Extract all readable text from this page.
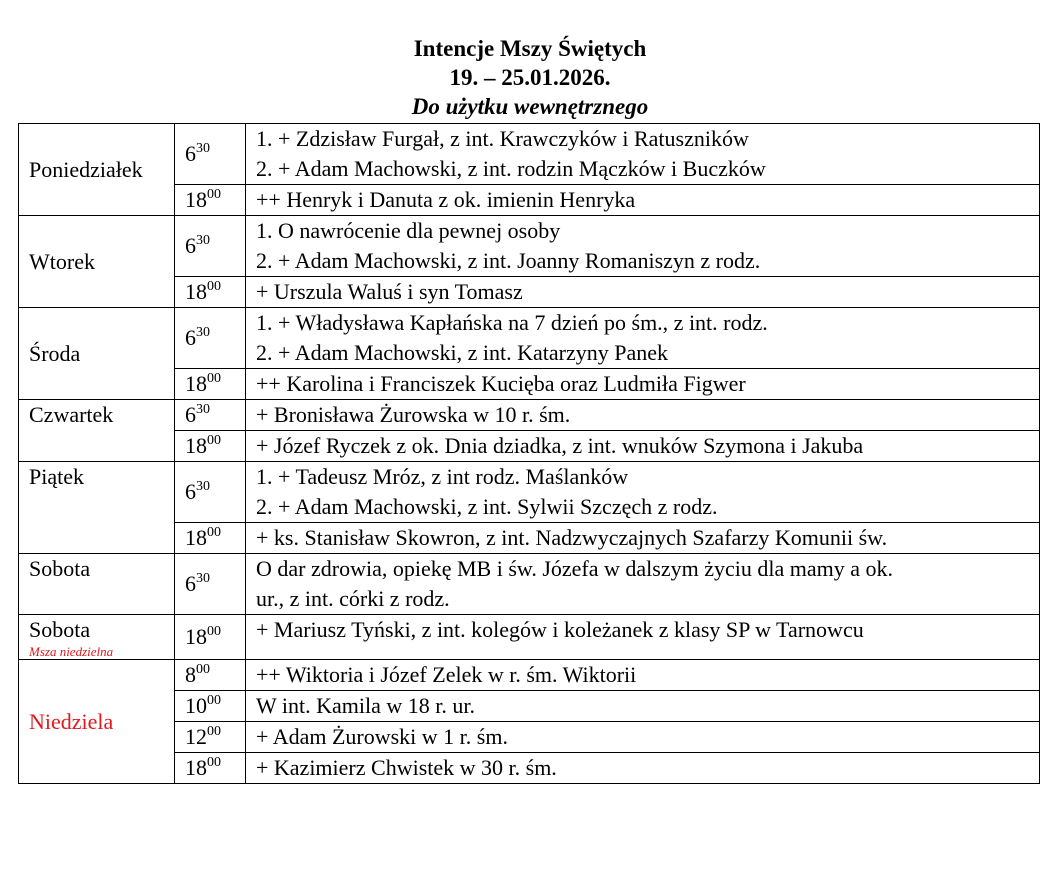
Intencje Mszy Świętych
19. – 25.01.2026.
Do użytku wewnętrznego
Poniedziałek	$6^{30}$	1. + Zdzisław Furgał, z int. Krawczyków i Ratuszników
2. + Adam Machowski, z int. rodzin Mączków i Buczków

	$18^{00}$	++ Henryk i Danuta z ok. imienin Henryka

Wtorek	$6^{30}$	1. O nawrócenie dla pewnej osoby
2. + Adam Machowski, z int. Joanny Romaniszyn z rodz.

	$18^{00}$	+ Urszula Waluś i syn Tomasz

Środa	$6^{30}$	1. + Władysława Kapłańska na 7 dzień po śm., z int. rodz.
2. + Adam Machowski, z int. Katarzyny Panek

	$18^{00}$	++ Karolina i Franciszek Kucięba oraz Ludmiła Figwer

Czwartek	$6^{30}$	+ Bronisława Żurowska w 10 r. śm.

	$18^{00}$	+ Józef Ryczek z ok. Dnia dziadka, z int. wnuków Szymona i Jakuba

Piątek	$6^{30}$	1. + Tadeusz Mróz, z int rodz. Maślanków
2. + Adam Machowski, z int. Sylwii Szczęch z rodz.

	$18^{00}$	+ ks. Stanisław Skowron, z int. Nadzwyczajnych Szafarzy Komunii św.

Sobota	$6^{30}$	O dar zdrowia, opiekę MB i św. Józefa w dalszym życiu dla mamy a ok.
ur., z int. córki z rodz.

Sobota
Msza niedzielna	$18^{00}$	+ Mariusz Tyński, z int. kolegów i koleżanek z klasy SP w Tarnowcu

Niedziela	$8^{00}$	++ Wiktoria i Józef Zelek w r. śm. Wiktorii

	$10^{00}$	W int. Kamila w 18 r. ur.

	$12^{00}$	+ Adam Żurowski w 1 r. śm.

	$18^{00}$	+ Kazimierz Chwistek w 30 r. śm.
